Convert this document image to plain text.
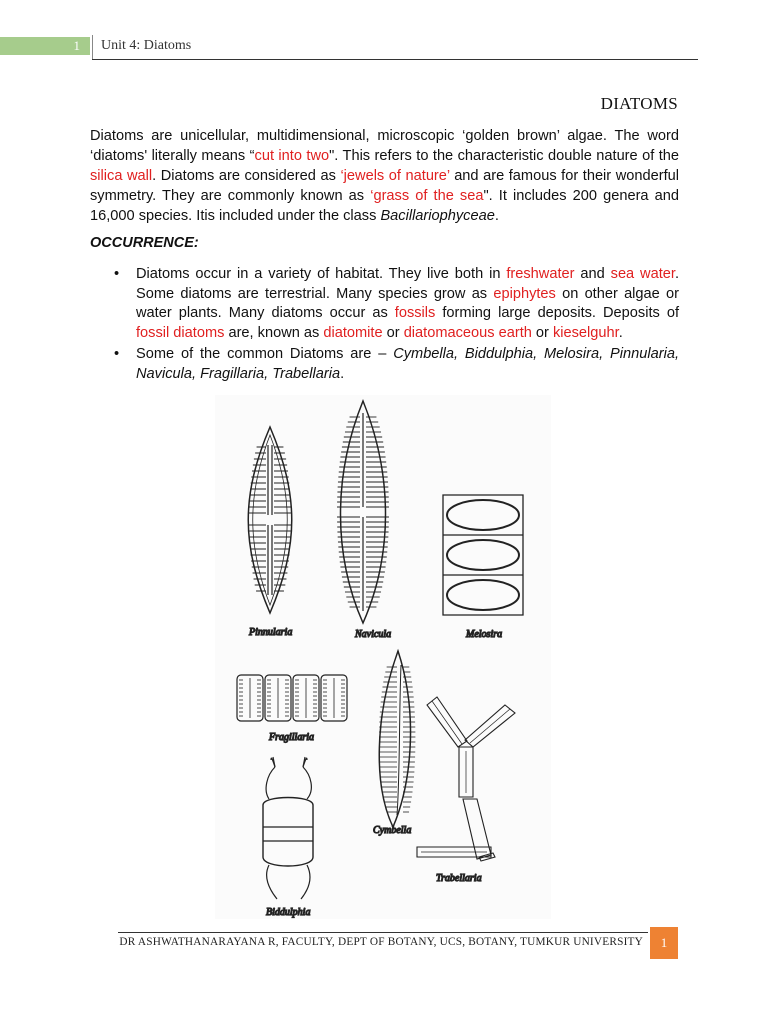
1	Unit 4: Diatoms
DIATOMS

Diatoms are unicellular, multidimensional, microscopic ‘golden brown’ algae. The word ‘diatoms' literally means “cut into two". This refers to the characteristic double nature of the silica wall. Diatoms are considered as ‘jewels of nature’ and are famous for their wonderful symmetry. They are commonly known as ‘grass of the sea". It includes 200 genera and 16,000 species. Itis included under the class Bacillariophyceae.

OCCURRENCE:
• Diatoms occur in a variety of habitat. They live both in freshwater and sea water. Some diatoms are terrestrial. Many species grow as epiphytes on other algae or water plants. Many diatoms occur as fossils forming large deposits. Deposits of fossil diatoms are, known as diatomite or diatomaceous earth or kieselguhr.
• Some of the common Diatoms are – Cymbella, Biddulphia, Melosira, Pinnularia, Navicula, Fragillaria, Trabellaria.
Pinnularia	Navicula	Melosira
Fragillaria
Cymbella
Trabellaria
Biddulphia
DR ASHWATHANARAYANA R, FACULTY, DEPT OF BOTANY, UCS, BOTANY, TUMKUR UNIVERSITY	1
